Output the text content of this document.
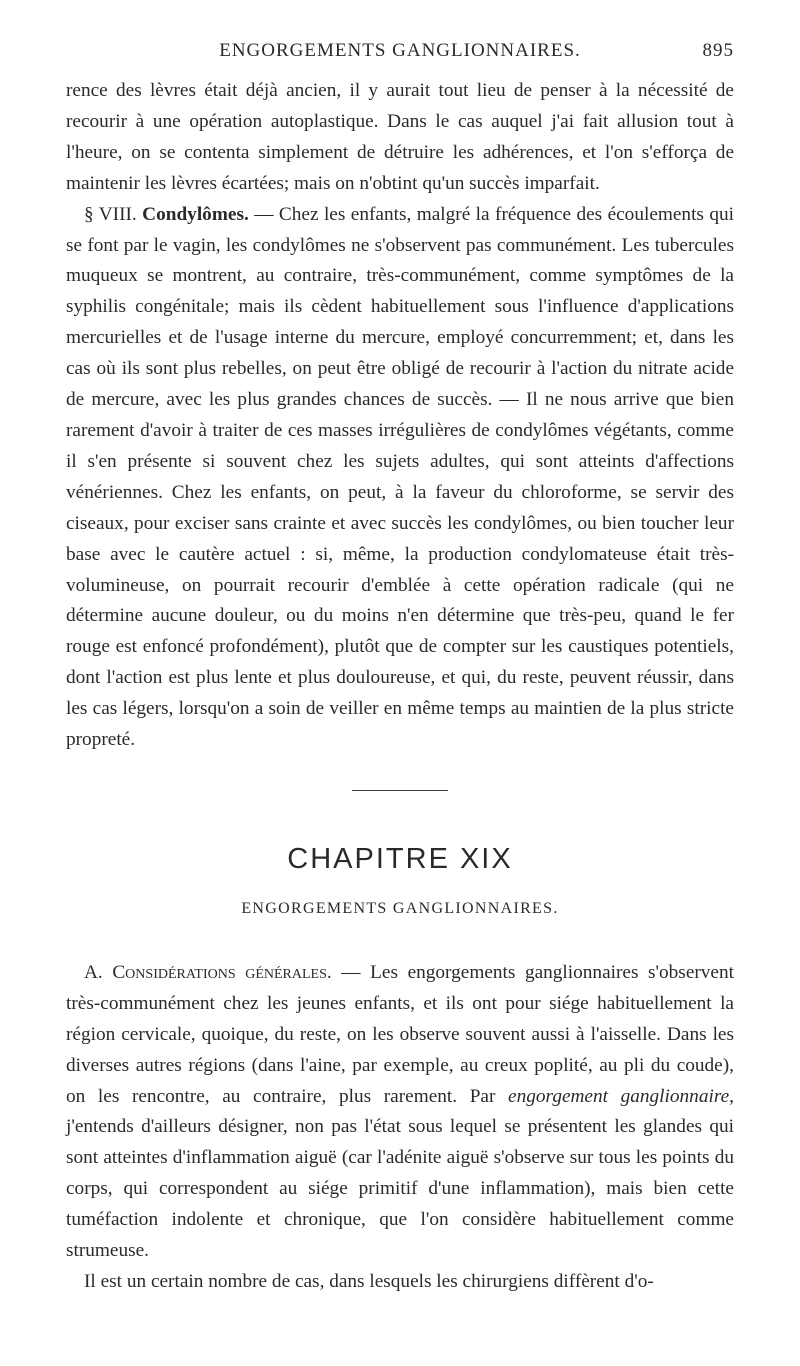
ENGORGEMENTS GANGLIONNAIRES.	895

rence des lèvres était déjà ancien, il y aurait tout lieu de penser à la nécessité de recourir à une opération autoplastique. Dans le cas auquel j'ai fait allusion tout à l'heure, on se contenta simplement de détruire les adhérences, et l'on s'efforça de maintenir les lèvres écartées; mais on n'obtint qu'un succès imparfait.

§ VIII. Condylômes. — Chez les enfants, malgré la fréquence des écoulements qui se font par le vagin, les condylômes ne s'observent pas communément. Les tubercules muqueux se montrent, au contraire, très-communément, comme symptômes de la syphilis congénitale; mais ils cèdent habituellement sous l'influence d'applications mercurielles et de l'usage interne du mercure, employé concurremment; et, dans les cas où ils sont plus rebelles, on peut être obligé de recourir à l'action du nitrate acide de mercure, avec les plus grandes chances de succès. — Il ne nous arrive que bien rarement d'avoir à traiter de ces masses irrégulières de condylômes végétants, comme il s'en présente si souvent chez les sujets adultes, qui sont atteints d'affections vénériennes. Chez les enfants, on peut, à la faveur du chloroforme, se servir des ciseaux, pour exciser sans crainte et avec succès les condylômes, ou bien toucher leur base avec le cautère actuel : si, même, la production condylomateuse était très-volumineuse, on pourrait recourir d'emblée à cette opération radicale (qui ne détermine aucune douleur, ou du moins n'en détermine que très-peu, quand le fer rouge est enfoncé profondément), plutôt que de compter sur les caustiques potentiels, dont l'action est plus lente et plus douloureuse, et qui, du reste, peuvent réussir, dans les cas légers, lorsqu'on a soin de veiller en même temps au maintien de la plus stricte propreté.

CHAPITRE XIX
ENGORGEMENTS GANGLIONNAIRES.

A. Considérations générales. — Les engorgements ganglionnaires s'observent très-communément chez les jeunes enfants, et ils ont pour siége habituellement la région cervicale, quoique, du reste, on les observe souvent aussi à l'aisselle. Dans les diverses autres régions (dans l'aine, par exemple, au creux poplité, au pli du coude), on les rencontre, au contraire, plus rarement. Par engorgement ganglionnaire, j'entends d'ailleurs désigner, non pas l'état sous lequel se présentent les glandes qui sont atteintes d'inflammation aiguë (car l'adénite aiguë s'observe sur tous les points du corps, qui correspondent au siége primitif d'une inflammation), mais bien cette tuméfaction indolente et chronique, que l'on considère habituellement comme strumeuse.

Il est un certain nombre de cas, dans lesquels les chirurgiens diffèrent d'o-
